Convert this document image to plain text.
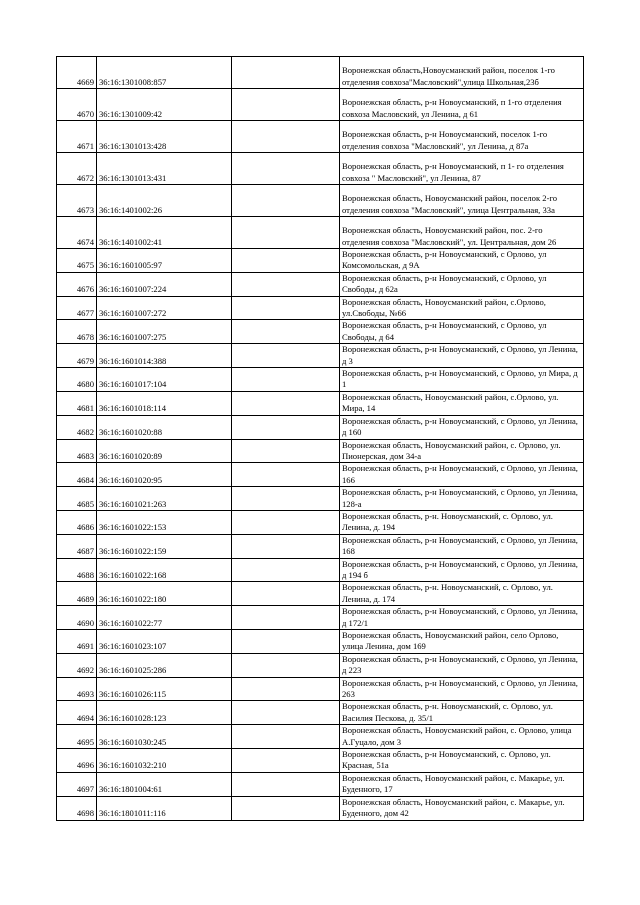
4669	36:16:1301008:857		Воронежская область,Новоусманский район, поселок 1-го отделения совхоза"Масловский",улица Школьная,23б
4670	36:16:1301009:42		Воронежская область, р-н Новоусманский, п 1-го отделения совхоза Масловский, ул Ленина, д 61
4671	36:16:1301013:428		Воронежская область, р-н Новоусманский, поселок 1-го отделения совхоза "Масловский", ул Ленина, д 87а
4672	36:16:1301013:431		Воронежская область, р-н Новоусманский, п 1- го отделения совхоза " Масловский", ул Ленина, 87
4673	36:16:1401002:26		Воронежская область, Новоусманский район, поселок 2-го отделения совхоза "Масловский", улица Центральная, 33а
4674	36:16:1401002:41		Воронежская область, Новоусманский район, пос. 2-го отделения совхоза "Масловский", ул. Центральная, дом 26
4675	36:16:1601005:97		Воронежская область, р-н Новоусманский, с Орлово, ул Комсомольская, д 9А
4676	36:16:1601007:224		Воронежская область, р-н Новоусманский, с Орлово, ул Свободы, д 62а
4677	36:16:1601007:272		Воронежская область, Новоусманский район, с.Орлово, ул.Свободы, №66
4678	36:16:1601007:275		Воронежская область, р-н Новоусманский, с Орлово, ул Свободы, д 64
4679	36:16:1601014:388		Воронежская область, р-н Новоусманский, с Орлово, ул Ленина, д 3
4680	36:16:1601017:104		Воронежская область, р-н Новоусманский, с Орлово, ул Мира, д 1
4681	36:16:1601018:114		Воронежская область, Новоусманский район, с.Орлово, ул. Мира, 14
4682	36:16:1601020:88		Воронежская область, р-н Новоусманский, с Орлово, ул Ленина, д 160
4683	36:16:1601020:89		Воронежская область, Новоусманский район, с. Орлово, ул. Пионерская, дом 34-а
4684	36:16:1601020:95		Воронежская область, р-н Новоусманский, с Орлово, ул Ленина, 166
4685	36:16:1601021:263		Воронежская область, р-н Новоусманский, с Орлово, ул Ленина, 128-а
4686	36:16:1601022:153		Воронежская область, р-н. Новоусманский, с. Орлово, ул. Ленина, д. 194
4687	36:16:1601022:159		Воронежская область, р-н Новоусманский, с Орлово, ул Ленина, 168
4688	36:16:1601022:168		Воронежская область, р-н Новоусманский, с Орлово, ул Ленина, д 194 б
4689	36:16:1601022:180		Воронежская область, р-н. Новоусманский, с. Орлово, ул. Ленина, д. 174
4690	36:16:1601022:77		Воронежская область, р-н Новоусманский, с Орлово, ул Ленина, д 172/1
4691	36:16:1601023:107		Воронежская область, Новоусманский район, село Орлово, улица Ленина, дом 169
4692	36:16:1601025:286		Воронежская область, р-н Новоусманский, с Орлово, ул Ленина, д 223
4693	36:16:1601026:115		Воронежская область, р-н Новоусманский, с Орлово, ул Ленина, 263
4694	36:16:1601028:123		Воронежская область, р-н. Новоусманский, с. Орлово, ул. Василия Пескова, д. 35/1
4695	36:16:1601030:245		Воронежская область, Новоусманский район, с. Орлово, улица А.Гуцало, дом 3
4696	36:16:1601032:210		Воронежская область, р-н Новоусманский, с. Орлово, ул. Красная, 51а
4697	36:16:1801004:61		Воронежская область, Новоусманский район, с. Макарье, ул. Буденного, 17
4698	36:16:1801011:116		Воронежская область, Новоусманский район, с. Макарье, ул. Буденного, дом 42
